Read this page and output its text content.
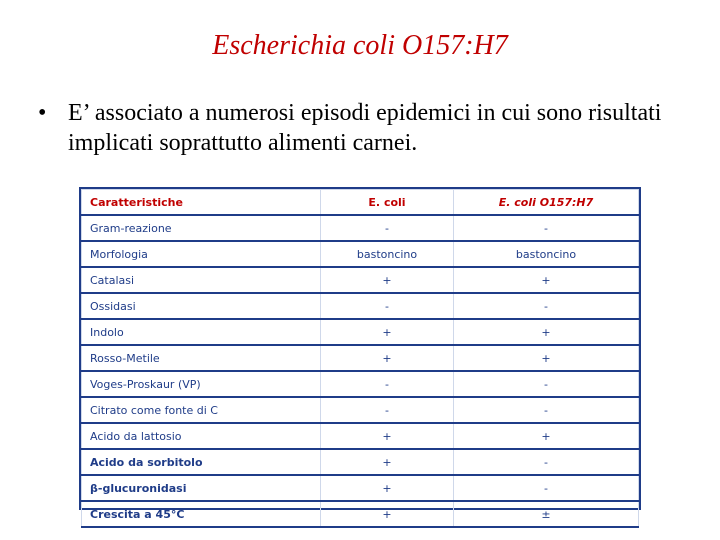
Escherichia coli O157:H7
• E’ associato a numerosi episodi epidemici in cui sono risultati implicati soprattutto alimenti carnei.
Caratteristiche	E. coli	E. coli O157:H7
Gram-reazione	-	-
Morfologia	bastoncino	bastoncino
Catalasi	+	+
Ossidasi	-	-
Indolo	+	+
Rosso-Metile	+	+
Voges-Proskaur (VP)	-	-
Citrato come fonte di C	-	-
Acido da lattosio	+	+
Acido da sorbitolo	+	-
β-glucuronidasi	+	-
Crescita a 45°C	+	±
